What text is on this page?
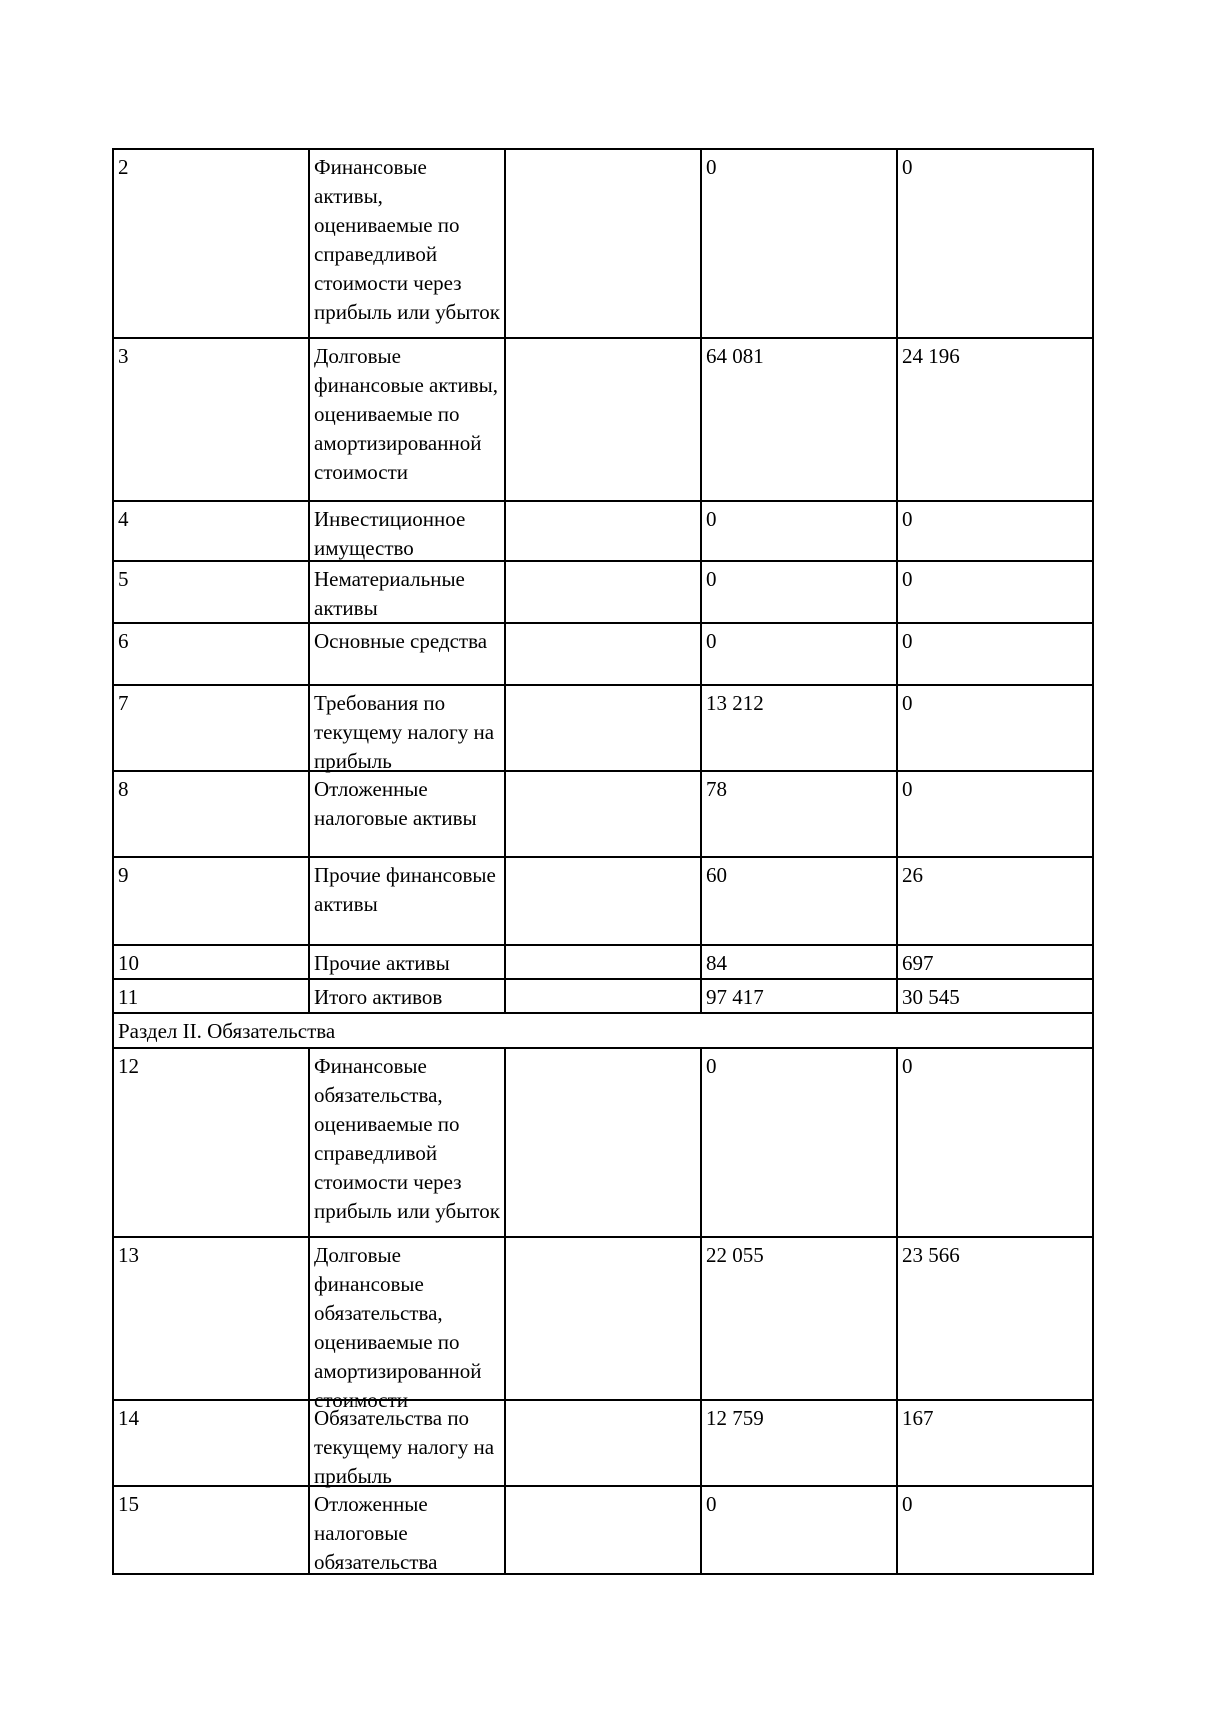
2	Финансовые активы, оцениваемые по справедливой стоимости через прибыль или убыток		0	0

3	Долговые финансовые активы, оцениваемые по амортизированной стоимости		64 081	24 196

4	Инвестиционное имущество		0	0

5	Нематериальные активы		0	0

6	Основные средства		0	0

7	Требования по текущему налогу на прибыль		13 212	0

8	Отложенные налоговые активы		78	0

9	Прочие финансовые активы		60	26

10	Прочие активы		84	697

11	Итого активов		97 417	30 545

Раздел II. Обязательства				

12	Финансовые обязательства, оцениваемые по справедливой стоимости через прибыль или убыток		0	0

13	Долговые финансовые обязательства, оцениваемые по амортизированной стоимости		22 055	23 566

14	Обязательства по текущему налогу на прибыль		12 759	167

15	Отложенные налоговые обязательства		0	0
